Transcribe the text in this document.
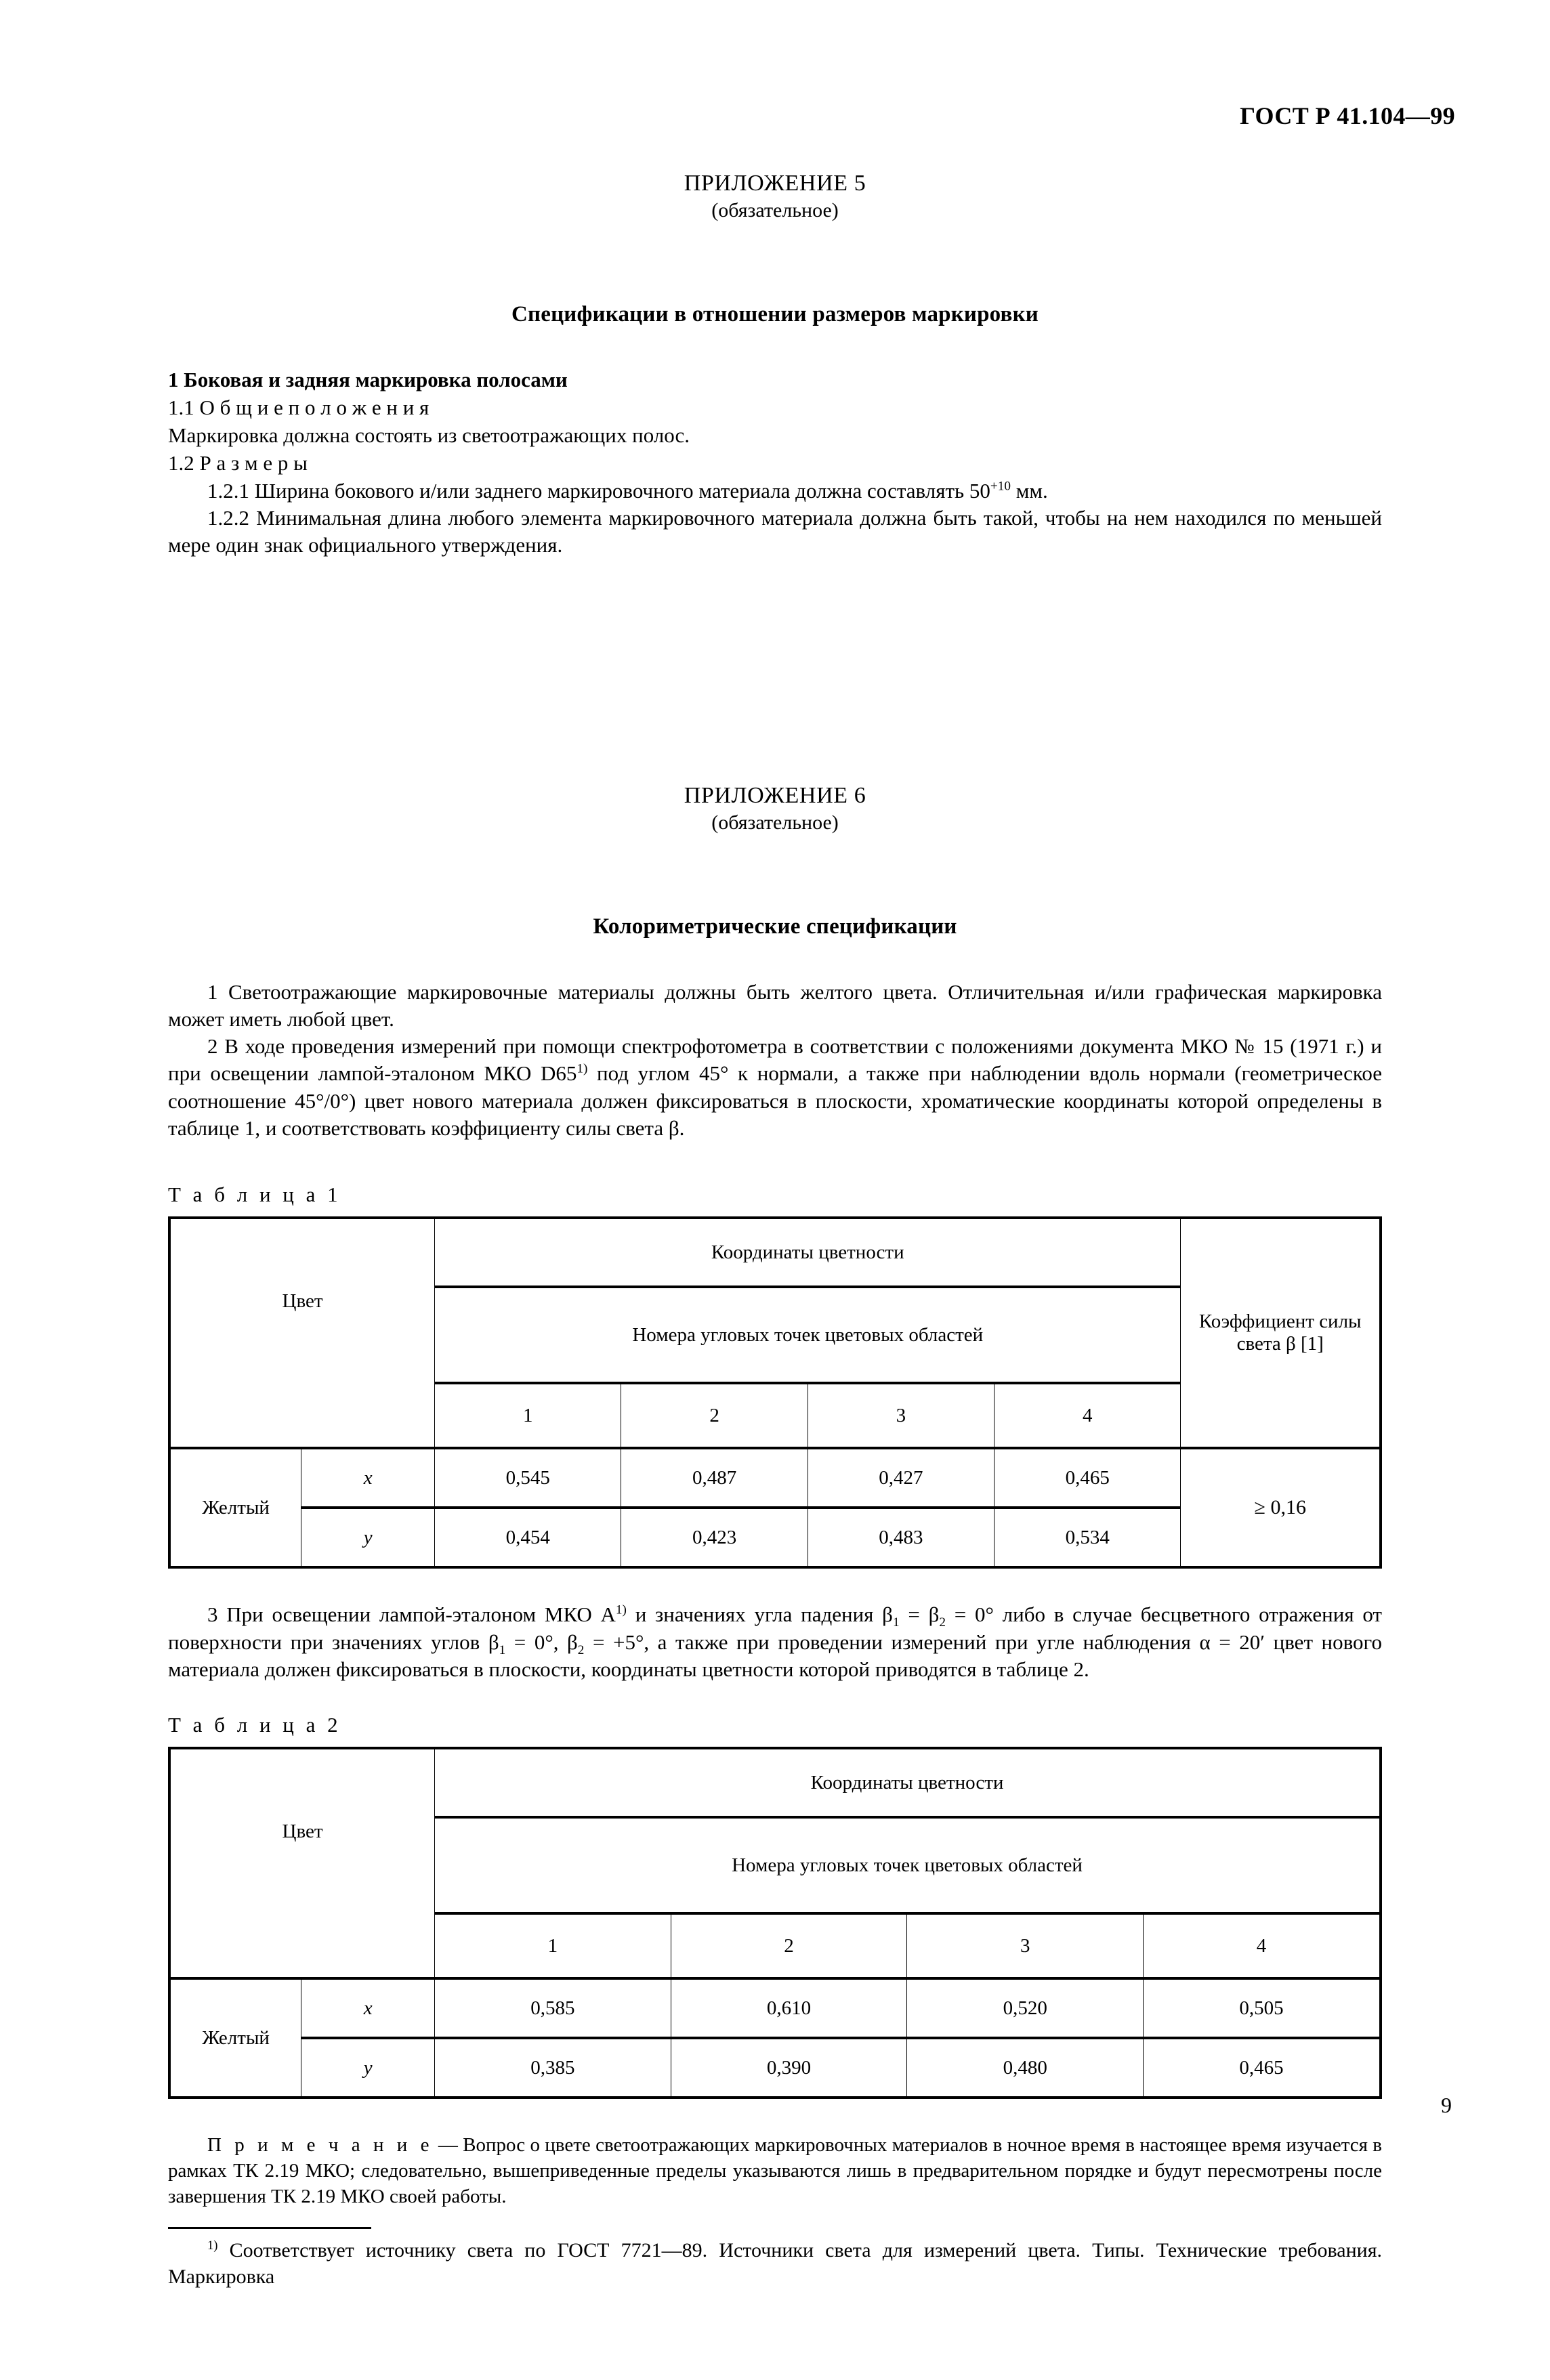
ГОСТ Р 41.104—99

ПРИЛОЖЕНИЕ 5

(обязательное)

Спецификации в отношении размеров маркировки

1 Боковая и задняя маркировка полосами

1.1 О б щ и е п о л о ж е н и я

Маркировка должна состоять из светоотражающих полос.

1.2 Р а з м е р ы

1.2.1 Ширина бокового и/или заднего маркировочного материала должна составлять $50^{+10}$ мм.

1.2.2 Минимальная длина любого элемента маркировочного материала должна быть такой, чтобы на нем находился по меньшей мере один знак официального утверждения.

ПРИЛОЖЕНИЕ 6

(обязательное)

Колориметрические спецификации

1 Светоотражающие маркировочные материалы должны быть желтого цвета. Отличительная и/или графическая маркировка может иметь любой цвет.

2 В ходе проведения измерений при помощи спектрофотометра в соответствии с положениями документа МКО № 15 (1971 г.) и при освещении лампой-эталоном МКО D65$^{1)}$ под углом 45° к нормали, а также при наблюдении вдоль нормали (геометрическое соотношение 45°/0°) цвет нового материала должен фиксироваться в плоскости, хроматические координаты которой определены в таблице 1, и соответствовать коэффициенту силы света β.

Т а б л и ц а 1

Цвет		Координаты цветности				Коэффициент силы света β [1]
		Номера угловых точек цветовых областей				
		1	2	3	4	
Желтый	x	0,545	0,487	0,427	0,465	≥ 0,16
	y	0,454	0,423	0,483	0,534	

3 При освещении лампой-эталоном МКО $А^{1)}$ и значениях угла падения $\beta_1 = \beta_2 = 0^\circ$ либо в случае бесцветного отражения от поверхности при значениях углов $\beta_1 = 0^\circ$, $\beta_2 = +5^\circ$, а также при проведении измерений при угле наблюдения α = 20′ цвет нового материала должен фиксироваться в плоскости, координаты цветности которой приводятся в таблице 2.

Т а б л и ц а 2

Цвет		Координаты цветности			
		Номера угловых точек цветовых областей			
		1	2	3	4
Желтый	x	0,585	0,610	0,520	0,505
	y	0,385	0,390	0,480	0,465

П р и м е ч а н и е — Вопрос о цвете светоотражающих маркировочных материалов в ночное время в настоящее время изучается в рамках ТК 2.19 МКО; следовательно, вышеприведенные пределы указываются лишь в предварительном порядке и будут пересмотрены после завершения ТК 2.19 МКО своей работы.

$^{1)}$ Соответствует источнику света по ГОСТ 7721—89. Источники света для измерений цвета. Типы. Технические требования. Маркировка

9
